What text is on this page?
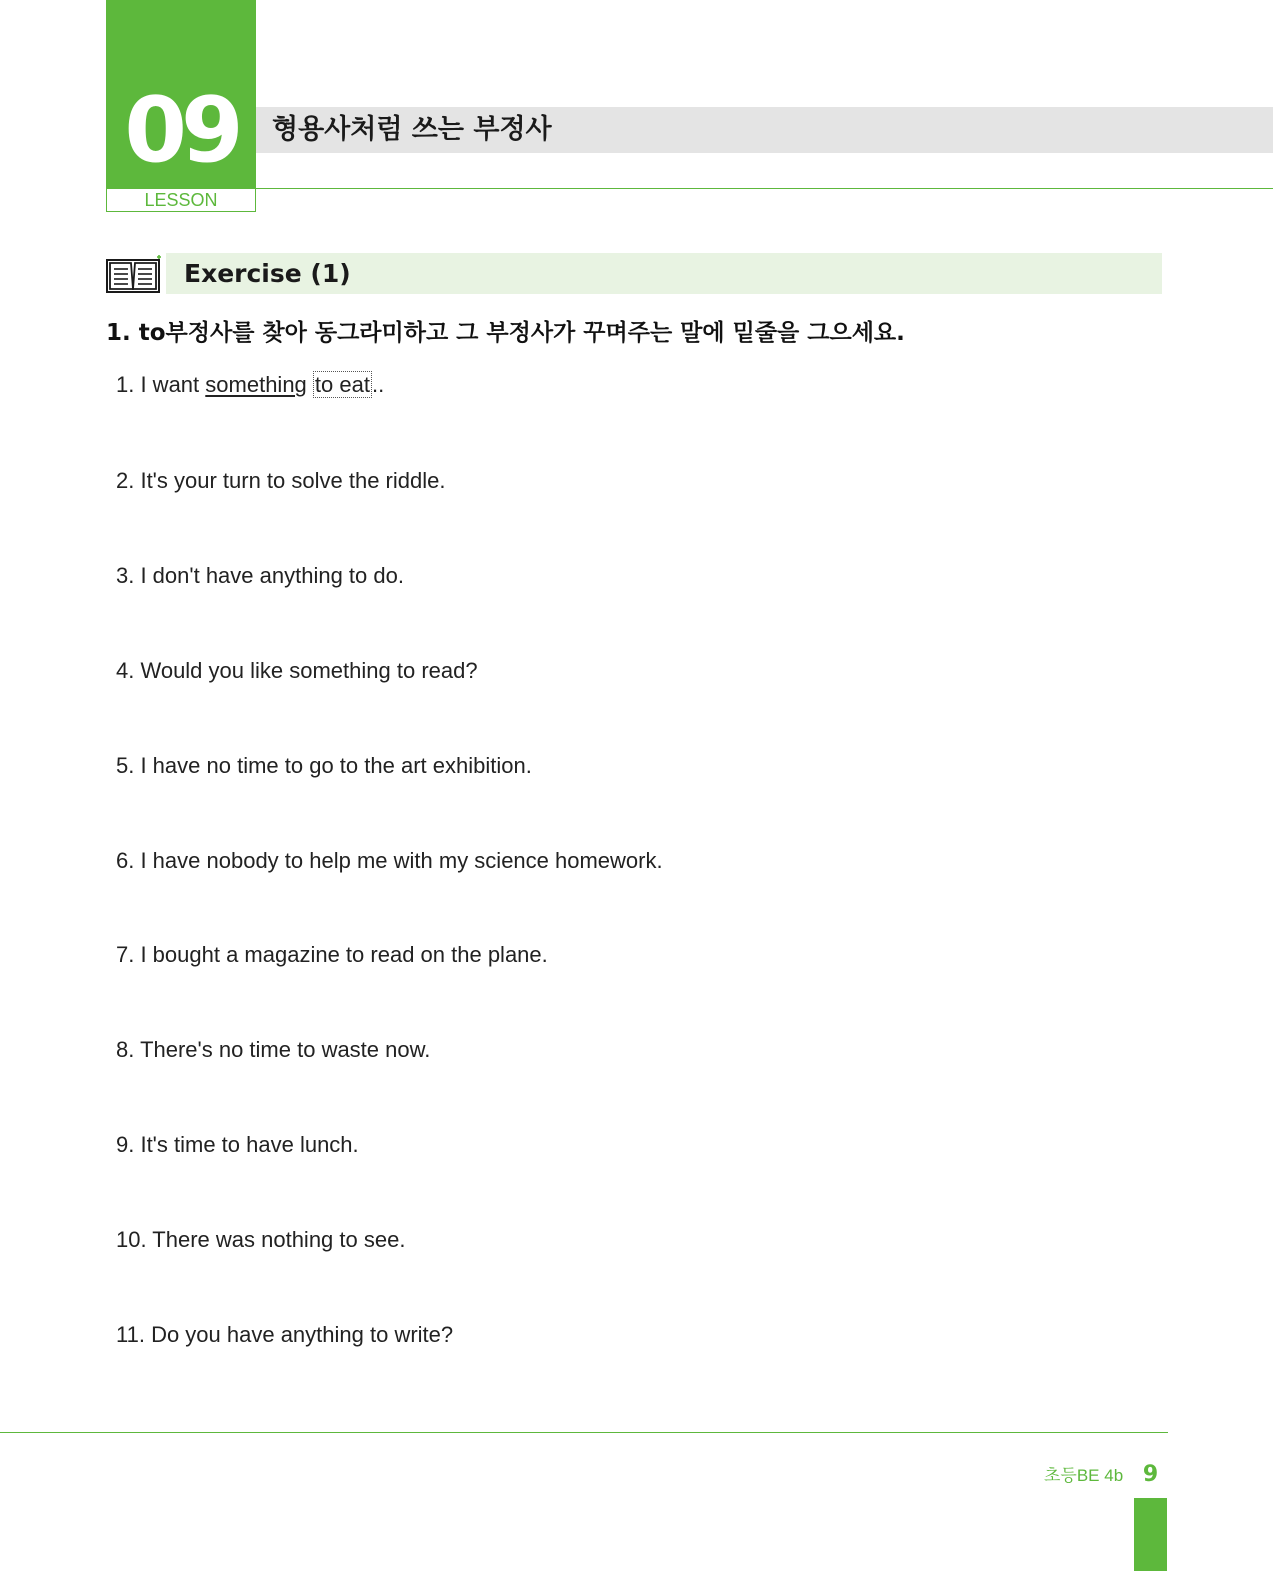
09
LESSON
형용사처럼 쓰는 부정사
Exercise (1)
1. to부정사를 찾아 동그라미하고 그 부정사가 꾸며주는 말에 밑줄을 그으세요.
1. I want something to eat..
2. It's your turn to solve the riddle.
3. I don't have anything to do.
4. Would you like something to read?
5. I have no time to go to the art exhibition.
6. I have nobody to help me with my science homework.
7. I bought a magazine to read on the plane.
8. There's no time to waste now.
9. It's time to have lunch.
10. There was nothing to see.
11. Do you have anything to write?
초등BE 4b 9
